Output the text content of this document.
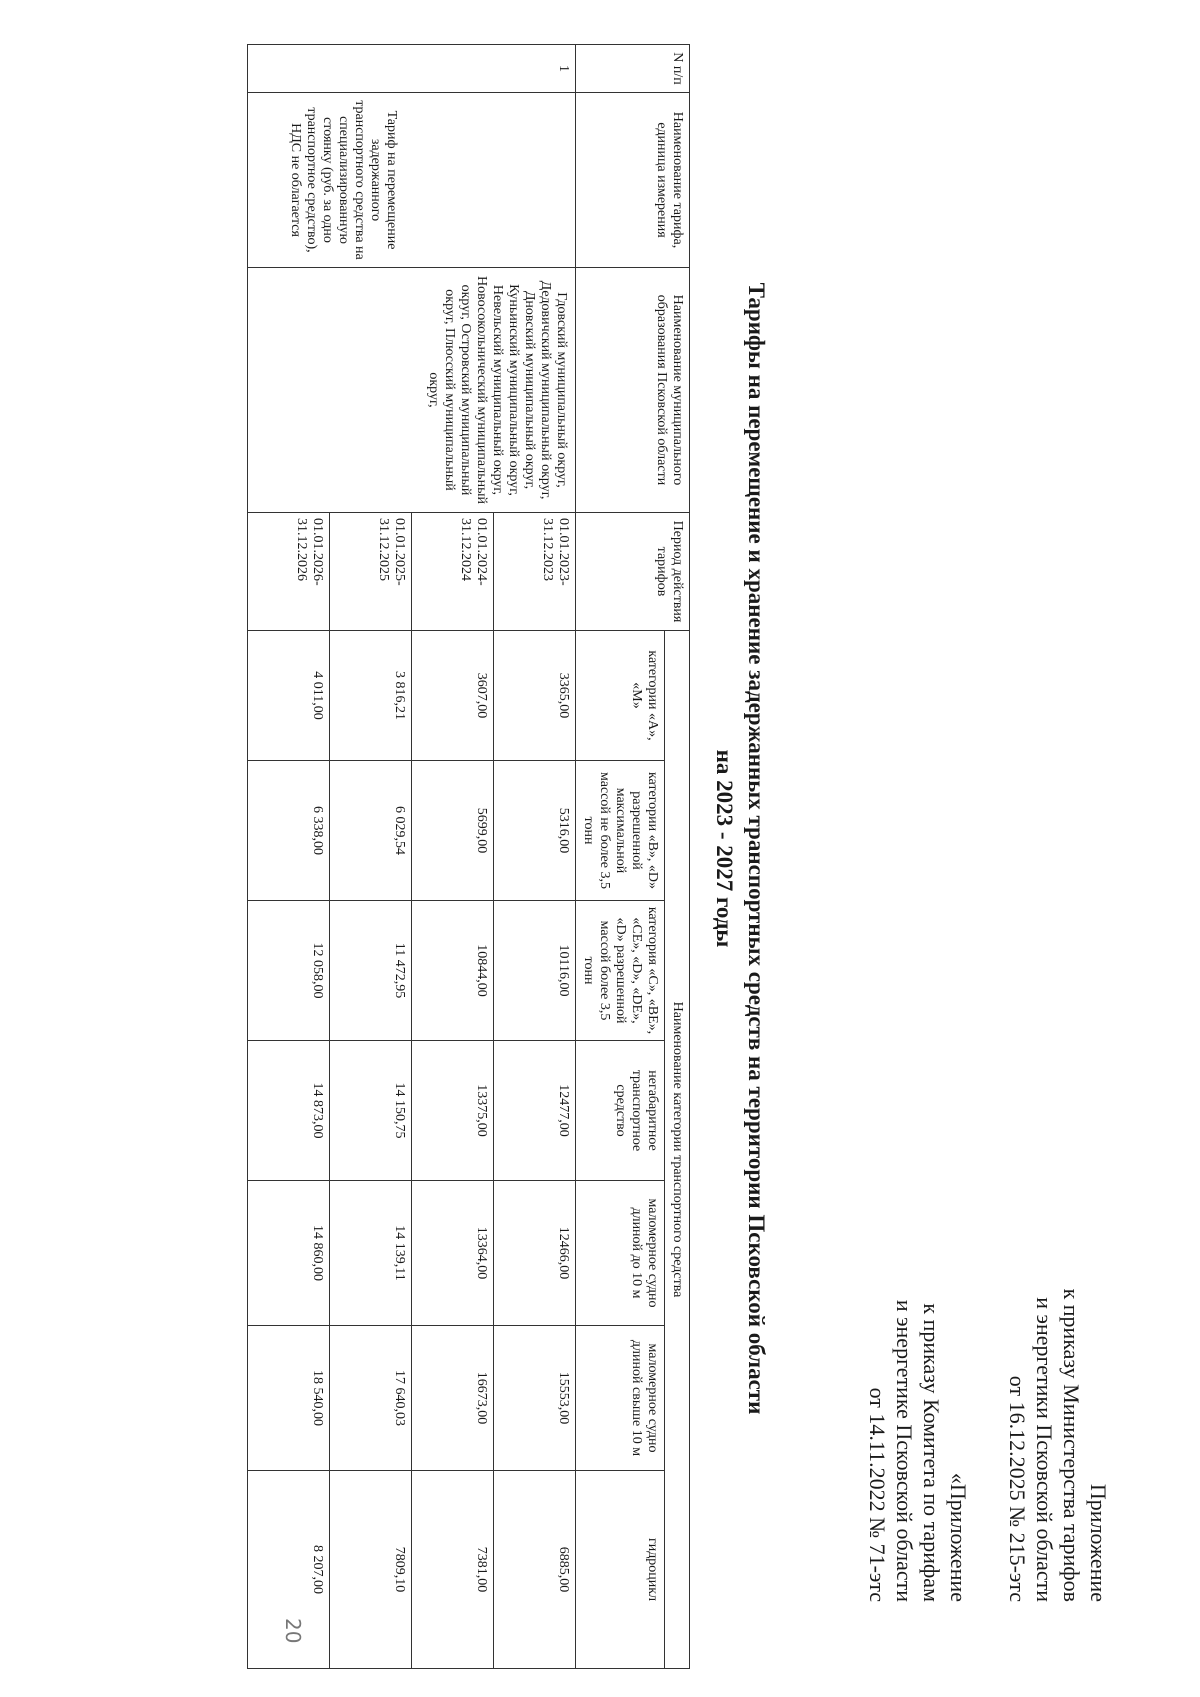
Приложение
к приказу Министерства тарифов
и энергетики Псковской области
от 16.12.2025 № 215-этс
«Приложение
к приказу Комитета по тарифам
и энергетике Псковской области
от 14.11.2022 № 71-этс
Тарифы на перемещение и хранение задержанных транспортных средств на территории Псковской области
на 2023 - 2027 годы
N п/п	Наименование тарифа, единица измерения	Наименование муниципального образования Псковской области	Период действия тарифов	Наименование категории транспортного средства						
				категории «A», «M»	категории «B», «D» разрешенной максимальной массой не более 3,5 тонн	категория «C», «BE», «CE», «D», «DE», «D» разрешенной массой более 3,5 тонн	негабаритное транспортное средство	маломерное судно длиной до 10 м	маломерное судно длиной свыше 10 м	гидроцикл
1	Тариф на перемещение задержанного транспортного средства на специализированную стоянку (руб. за одно транспортное средство), НДС не облагается	Гдовский муниципальный округ, Дедовичский муниципальный округ, Дновский муниципальный округ, Куньинский муниципальный округ, Невельский муниципальный округ, Новосокольнический муниципальный округ, Островский муниципальный округ, Плюсский муниципальный округ,	01.01.2023-31.12.2023	3365,00	5316,00	10116,00	12477,00	12466,00	15553,00	6885,00
			01.01.2024-31.12.2024	3607,00	5699,00	10844,00	13375,00	13364,00	16673,00	7381,00
			01.01.2025-31.12.2025	3 816,21	6 029,54	11 472,95	14 150,75	14 139,11	17 640,03	7809,10
			01.01.2026-31.12.2026	4 011,00	6 338,00	12 058,00	14 873,00	14 860,00	18 540,00	8 207,00
20
